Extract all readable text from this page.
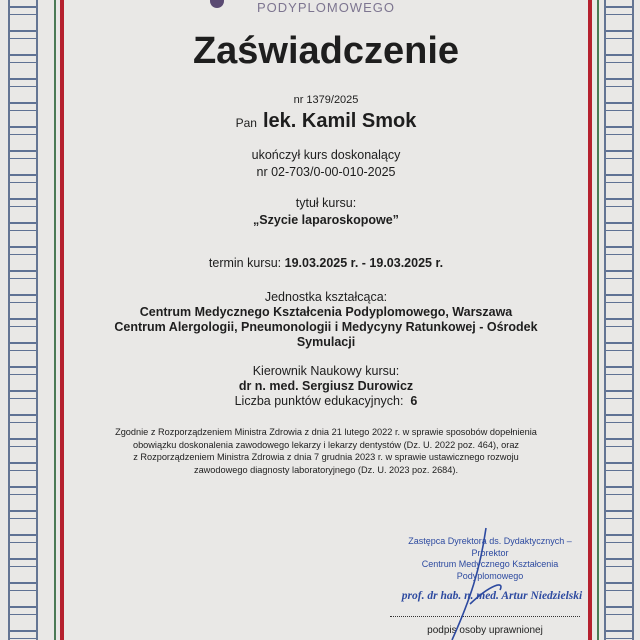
PODYPLOMOWEGO
Zaświadczenie
nr 1379/2025
Pan lek. Kamil Smok
ukończył kurs doskonalący
nr 02-703/0-00-010-2025
tytuł kursu:
„Szycie laparoskopowe”
termin kursu: 19.03.2025 r. - 19.03.2025 r.
Jednostka kształcąca:
Centrum Medycznego Kształcenia Podyplomowego, Warszawa
Centrum Alergologii, Pneumonologii i Medycyny Ratunkowej - Ośrodek
Symulacji
Kierownik Naukowy kursu:
dr n. med. Sergiusz Durowicz
Liczba punktów edukacyjnych: 6
Zgodnie z Rozporządzeniem Ministra Zdrowia z dnia 21 lutego 2022 r. w sprawie sposobów dopełnienia
obowiązku doskonalenia zawodowego lekarzy i lekarzy dentystów (Dz. U. 2022 poz. 464), oraz
z Rozporządzeniem Ministra Zdrowia z dnia 7 grudnia 2023 r. w sprawie ustawicznego rozwoju
zawodowego diagnosty laboratoryjnego (Dz. U. 2023 poz. 2684).
Zastępca Dyrektora ds. Dydaktycznych – Prorektor
Centrum Medycznego Kształcenia Podyplomowego
prof. dr hab. n. med. Artur Niedzielski
podpis osoby uprawnionej
